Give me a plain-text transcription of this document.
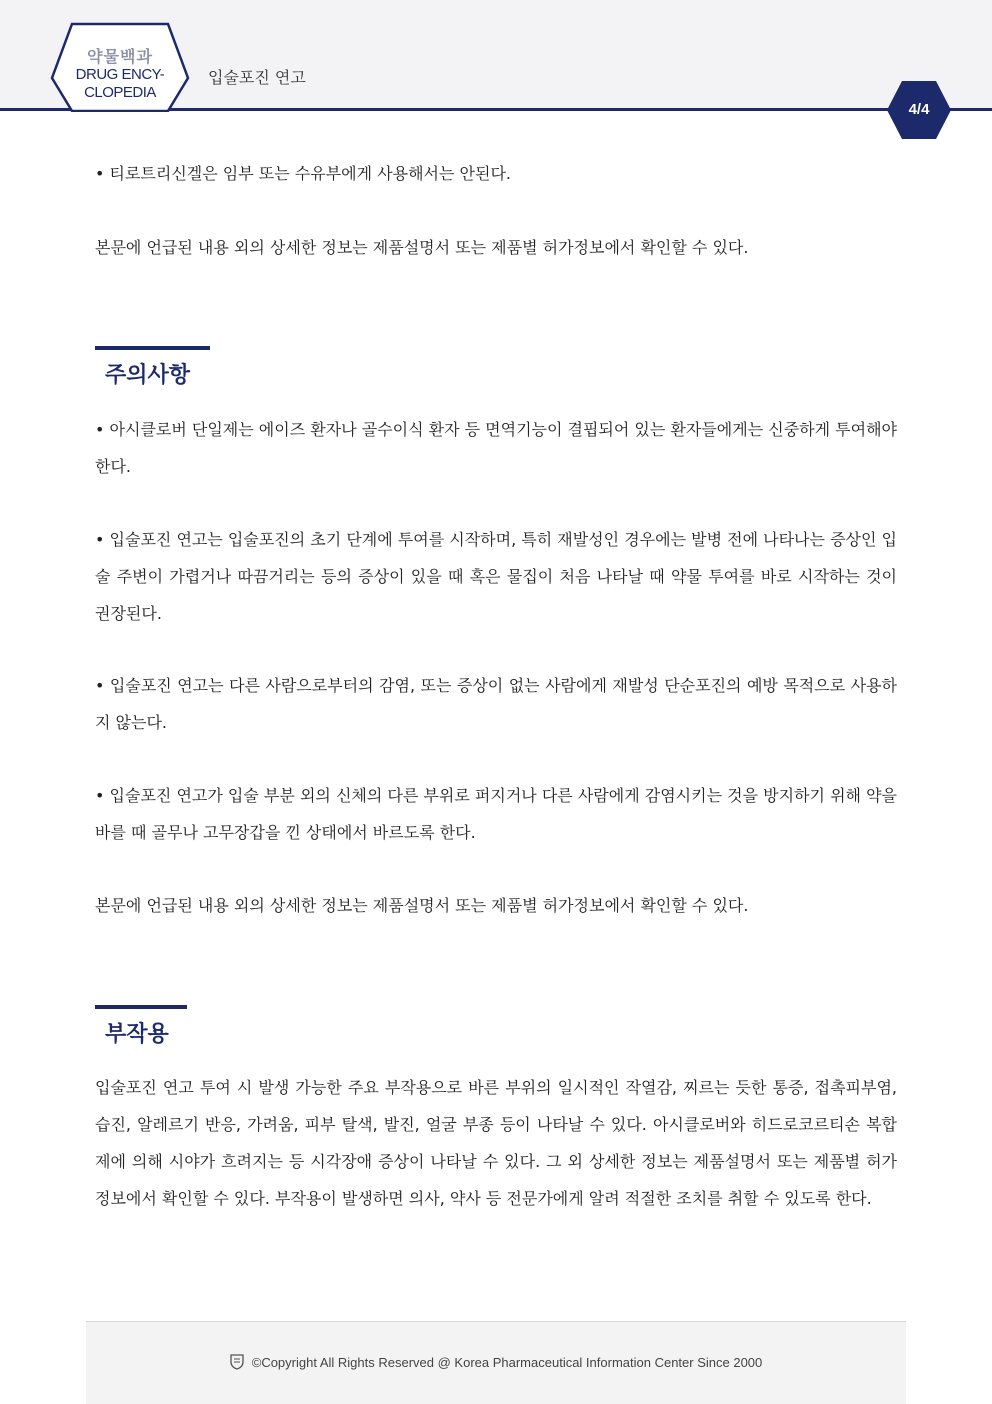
약물백과
DRUG ENCY-
CLOPEDIA
입술포진 연고
4/4

• 티로트리신겔은 임부 또는 수유부에게 사용해서는 안된다.

본문에 언급된 내용 외의 상세한 정보는 제품설명서 또는 제품별 허가정보에서 확인할 수 있다.

주의사항

• 아시클로버 단일제는 에이즈 환자나 골수이식 환자 등 면역기능이 결핍되어 있는 환자들에게는 신중하게 투여해야 한다.

• 입술포진 연고는 입술포진의 초기 단계에 투여를 시작하며, 특히 재발성인 경우에는 발병 전에 나타나는 증상인 입술 주변이 가렵거나 따끔거리는 등의 증상이 있을 때 혹은 물집이 처음 나타날 때 약물 투여를 바로 시작하는 것이 권장된다.

• 입술포진 연고는 다른 사람으로부터의 감염, 또는 증상이 없는 사람에게 재발성 단순포진의 예방 목적으로 사용하지 않는다.

• 입술포진 연고가 입술 부분 외의 신체의 다른 부위로 퍼지거나 다른 사람에게 감염시키는 것을 방지하기 위해 약을 바를 때 골무나 고무장갑을 낀 상태에서 바르도록 한다.

본문에 언급된 내용 외의 상세한 정보는 제품설명서 또는 제품별 허가정보에서 확인할 수 있다.

부작용

입술포진 연고 투여 시 발생 가능한 주요 부작용으로 바른 부위의 일시적인 작열감, 찌르는 듯한 통증, 접촉피부염, 습진, 알레르기 반응, 가려움, 피부 탈색, 발진, 얼굴 부종 등이 나타날 수 있다. 아시클로버와 히드로코르티손 복합제에 의해 시야가 흐려지는 등 시각장애 증상이 나타날 수 있다. 그 외 상세한 정보는 제품설명서 또는 제품별 허가정보에서 확인할 수 있다. 부작용이 발생하면 의사, 약사 등 전문가에게 알려 적절한 조치를 취할 수 있도록 한다.

©Copyright All Rights Reserved @ Korea Pharmaceutical Information Center Since 2000
